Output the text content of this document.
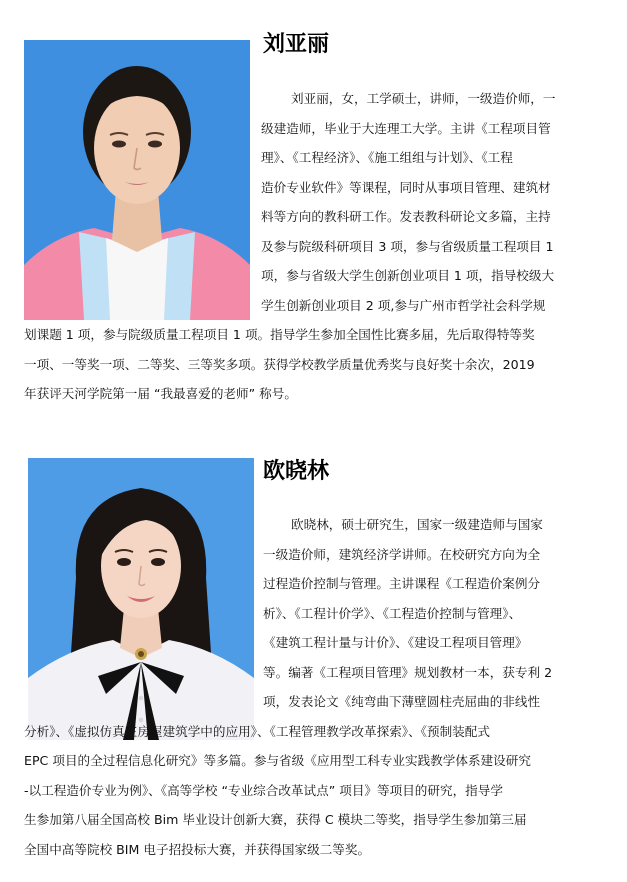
刘亚丽

刘亚丽，女，工学硕士，讲师，一级造价师，一
级建造师，毕业于大连理工大学。主讲《工程项目管
理》、《工程经济》、《施工组组与计划》、《工程
造价专业软件》等课程，同时从事项目管理、建筑材
料等方向的教科研工作。发表教科研论文多篇，主持
及参与院级科研项目 3 项，参与省级质量工程项目 1
项，参与省级大学生创新创业项目 1 项，指导校级大
学生创新创业项目 2 项,参与广州市哲学社会科学规
划课题 1 项，参与院级质量工程项目 1 项。指导学生参加全国性比赛多届，先后取得特等奖
一项、一等奖一项、二等奖、三等奖多项。获得学校教学质量优秀奖与良好奖十余次，2019
年获评天河学院第一届 “我最喜爱的老师” 称号。

欧晓林

欧晓林，硕士研究生，国家一级建造师与国家
一级造价师，建筑经济学讲师。在校研究方向为全
过程造价控制与管理。主讲课程《工程造价案例分
析》、《工程计价学》、《工程造价控制与管理》、
《建筑工程计量与计价》、《建设工程项目管理》
等。编著《工程项目管理》规划教材一本，获专利 2
项，发表论文《纯弯曲下薄壁圆柱壳屈曲的非线性
分析》、《虚拟仿真在房屋建筑学中的应用》、《工程管理教学改革探索》、《预制装配式
EPC 项目的全过程信息化研究》等多篇。参与省级《应用型工科专业实践教学体系建设研究
-以工程造价专业为例》、《高等学校 “专业综合改革试点” 项目》等项目的研究，指导学
生参加第八届全国高校 Bim 毕业设计创新大赛，获得 C 模块二等奖，指导学生参加第三届
全国中高等院校 BIM 电子招投标大赛，并获得国家级二等奖。
